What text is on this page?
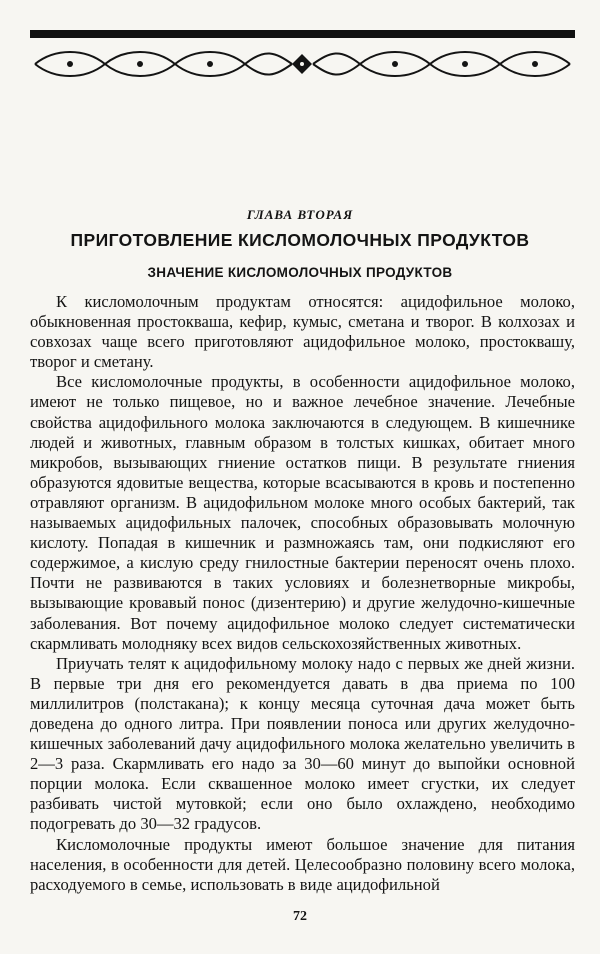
ГЛАВА ВТОРАЯ
ПРИГОТОВЛЕНИЕ КИСЛОМОЛОЧНЫХ ПРОДУКТОВ
ЗНАЧЕНИЕ КИСЛОМОЛОЧНЫХ ПРОДУКТОВ

К кисломолочным продуктам относятся: ацидофильное молоко, обыкновенная простокваша, кефир, кумыс, сметана и творог. В колхозах и совхозах чаще всего приготовляют ацидофильное молоко, простоквашу, творог и сметану.

Все кисломолочные продукты, в особенности ацидофильное молоко, имеют не только пищевое, но и важное лечебное значение. Лечебные свойства ацидофильного молока заключаются в следующем. В кишечнике людей и животных, главным образом в толстых кишках, обитает много микробов, вызывающих гниение остатков пищи. В результате гниения образуются ядовитые вещества, которые всасываются в кровь и постепенно отравляют организм. В ацидофильном молоке много особых бактерий, так называемых ацидофильных палочек, способных образовывать молочную кислоту. Попадая в кишечник и размножаясь там, они подкисляют его содержимое, а кислую среду гнилостные бактерии переносят очень плохо. Почти не развиваются в таких условиях и болезнетворные микробы, вызывающие кровавый понос (дизентерию) и другие желудочно-кишечные заболевания. Вот почему ацидофильное молоко следует систематически скармливать молодняку всех видов сельскохозяйственных животных.

Приучать телят к ацидофильному молоку надо с первых же дней жизни. В первые три дня его рекомендуется давать в два приема по 100 миллилитров (полстакана); к концу месяца суточная дача может быть доведена до одного литра. При появлении поноса или других желудочно-кишечных заболеваний дачу ацидофильного молока желательно увеличить в 2—3 раза. Скармливать его надо за 30—60 минут до выпойки основной порции молока. Если сквашенное молоко имеет сгустки, их следует разбивать чистой мутовкой; если оно было охлаждено, необходимо подогревать до 30—32 градусов.

Кисломолочные продукты имеют большое значение для питания населения, в особенности для детей. Целесообразно половину всего молока, расходуемого в семье, использовать в виде ацидофильной

72
